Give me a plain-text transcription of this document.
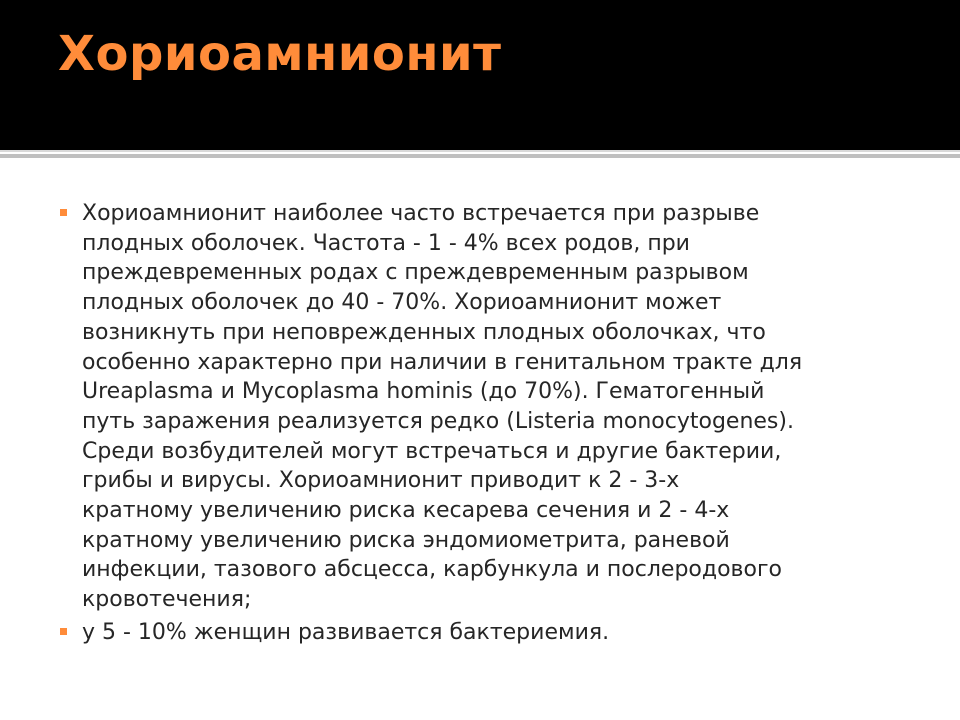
Хориоамнионит
Хориоамнионит наиболее часто встречается при разрыве
плодных оболочек. Частота - 1 - 4% всех родов, при
преждевременных родах с преждевременным разрывом
плодных оболочек до 40 - 70%. Хориоамнионит может
возникнуть при неповрежденных плодных оболочках, что
особенно характерно при наличии в генитальном тракте для
Ureaplasma и Mycoplasma hominis (до 70%). Гематогенный
путь заражения реализуется редко (Listeria monocytogenes).
Среди возбудителей могут встречаться и другие бактерии,
грибы и вирусы. Хориоамнионит приводит к 2 - 3-х
кратному увеличению риска кесарева сечения и 2 - 4-х
кратному увеличению риска эндомиометрита, раневой
инфекции, тазового абсцесса, карбункула и послеродового
кровотечения;
у 5 - 10% женщин развивается бактериемия.
